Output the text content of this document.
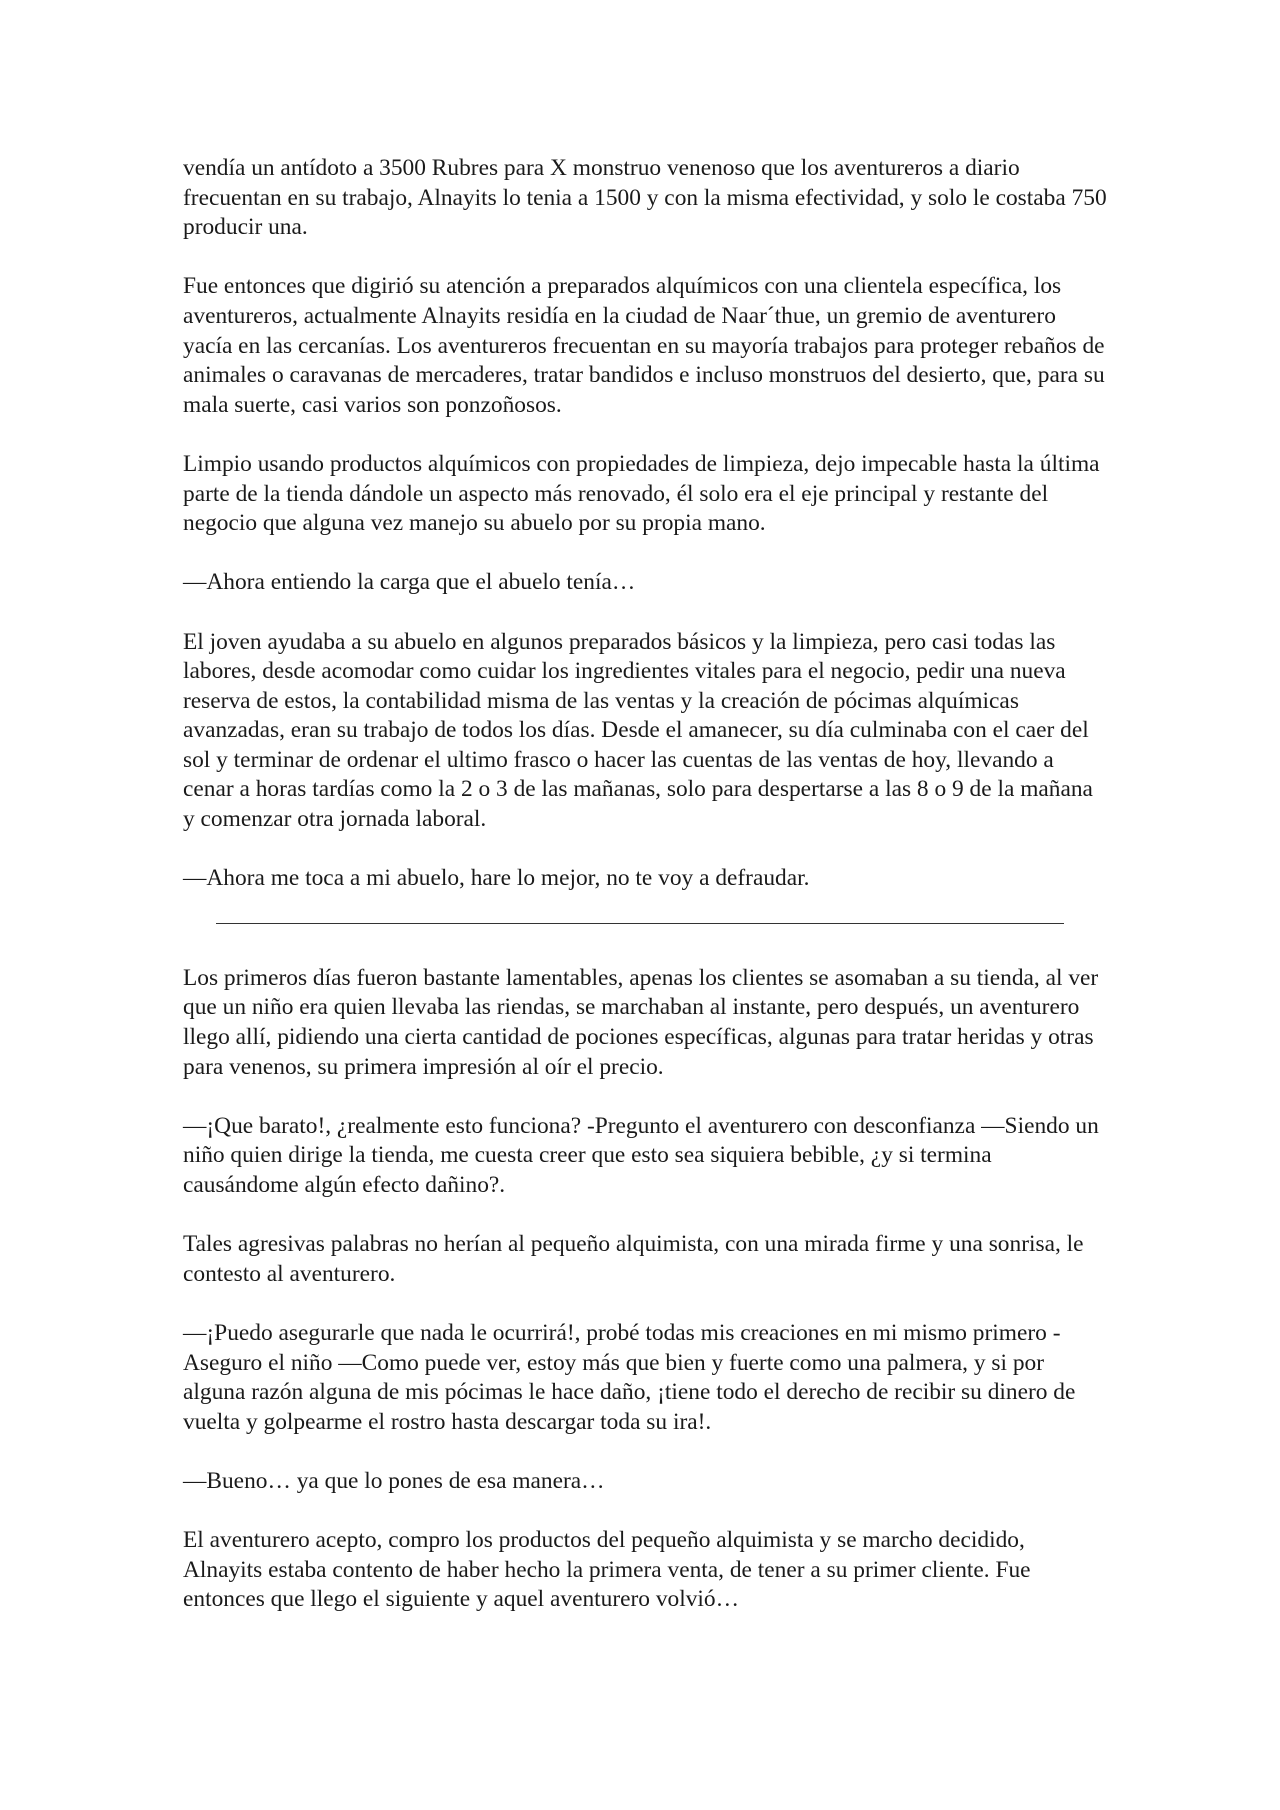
vendía un antídoto a 3500 Rubres para X monstruo venenoso que los aventureros a diario frecuentan en su trabajo, Alnayits lo tenia a 1500 y con la misma efectividad, y solo le costaba 750 producir una.

Fue entonces que digirió su atención a preparados alquímicos con una clientela específica, los aventureros, actualmente Alnayits residía en la ciudad de Naar´thue, un gremio de aventurero yacía en las cercanías. Los aventureros frecuentan en su mayoría trabajos para proteger rebaños de animales o caravanas de mercaderes, tratar bandidos e incluso monstruos del desierto, que, para su mala suerte, casi varios son ponzoñosos.

Limpio usando productos alquímicos con propiedades de limpieza, dejo impecable hasta la última parte de la tienda dándole un aspecto más renovado, él solo era el eje principal y restante del negocio que alguna vez manejo su abuelo por su propia mano.

—Ahora entiendo la carga que el abuelo tenía…

El joven ayudaba a su abuelo en algunos preparados básicos y la limpieza, pero casi todas las labores, desde acomodar como cuidar los ingredientes vitales para el negocio, pedir una nueva reserva de estos, la contabilidad misma de las ventas y la creación de pócimas alquímicas avanzadas, eran su trabajo de todos los días. Desde el amanecer, su día culminaba con el caer del sol y terminar de ordenar el ultimo frasco o hacer las cuentas de las ventas de hoy, llevando a cenar a horas tardías como la 2 o 3 de las mañanas, solo para despertarse a las 8 o 9 de la mañana y comenzar otra jornada laboral.

—Ahora me toca a mi abuelo, hare lo mejor, no te voy a defraudar.

Los primeros días fueron bastante lamentables, apenas los clientes se asomaban a su tienda, al ver que un niño era quien llevaba las riendas, se marchaban al instante, pero después, un aventurero llego allí, pidiendo una cierta cantidad de pociones específicas, algunas para tratar heridas y otras para venenos, su primera impresión al oír el precio.

—¡Que barato!, ¿realmente esto funciona? -Pregunto el aventurero con desconfianza —Siendo un niño quien dirige la tienda, me cuesta creer que esto sea siquiera bebible, ¿y si termina causándome algún efecto dañino?.

Tales agresivas palabras no herían al pequeño alquimista, con una mirada firme y una sonrisa, le contesto al aventurero.

—¡Puedo asegurarle que nada le ocurrirá!, probé todas mis creaciones en mi mismo primero -Aseguro el niño —Como puede ver, estoy más que bien y fuerte como una palmera, y si por alguna razón alguna de mis pócimas le hace daño, ¡tiene todo el derecho de recibir su dinero de vuelta y golpearme el rostro hasta descargar toda su ira!.

—Bueno… ya que lo pones de esa manera…

El aventurero acepto, compro los productos del pequeño alquimista y se marcho decidido, Alnayits estaba contento de haber hecho la primera venta, de tener a su primer cliente. Fue entonces que llego el siguiente y aquel aventurero volvió…
